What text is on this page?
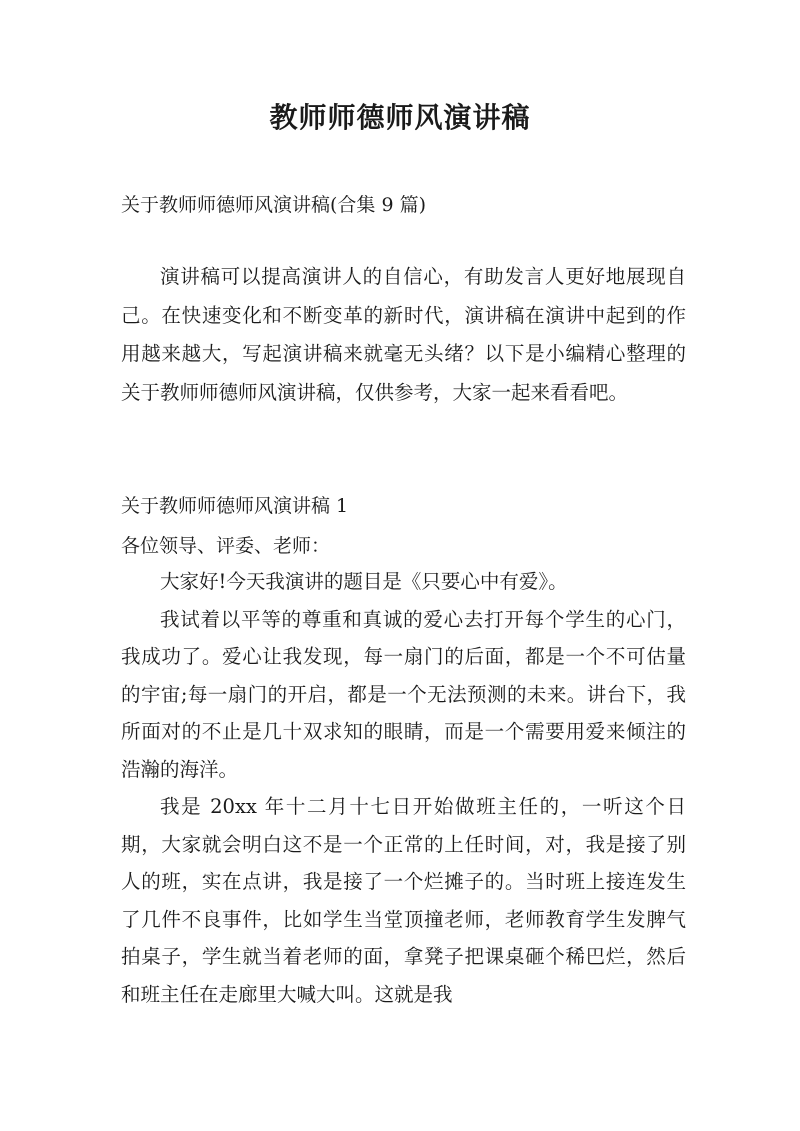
教师师德师风演讲稿
关于教师师德师风演讲稿(合集 9 篇)

演讲稿可以提高演讲人的自信心，有助发言人更好地展现自己。在快速变化和不断变革的新时代，演讲稿在演讲中起到的作用越来越大，写起演讲稿来就毫无头绪？以下是小编精心整理的关于教师师德师风演讲稿，仅供参考，大家一起来看看吧。

关于教师师德师风演讲稿 1
各位领导、评委、老师：

大家好!今天我演讲的题目是《只要心中有爱》。

我试着以平等的尊重和真诚的爱心去打开每个学生的心门，我成功了。爱心让我发现，每一扇门的后面，都是一个不可估量的宇宙;每一扇门的开启，都是一个无法预测的未来。讲台下，我所面对的不止是几十双求知的眼睛，而是一个需要用爱来倾注的浩瀚的海洋。

我是 20xx 年十二月十七日开始做班主任的，一听这个日期，大家就会明白这不是一个正常的上任时间，对，我是接了别人的班，实在点讲，我是接了一个烂摊子的。当时班上接连发生了几件不良事件，比如学生当堂顶撞老师，老师教育学生发脾气拍桌子，学生就当着老师的面，拿凳子把课桌砸个稀巴烂，然后和班主任在走廊里大喊大叫。这就是我
